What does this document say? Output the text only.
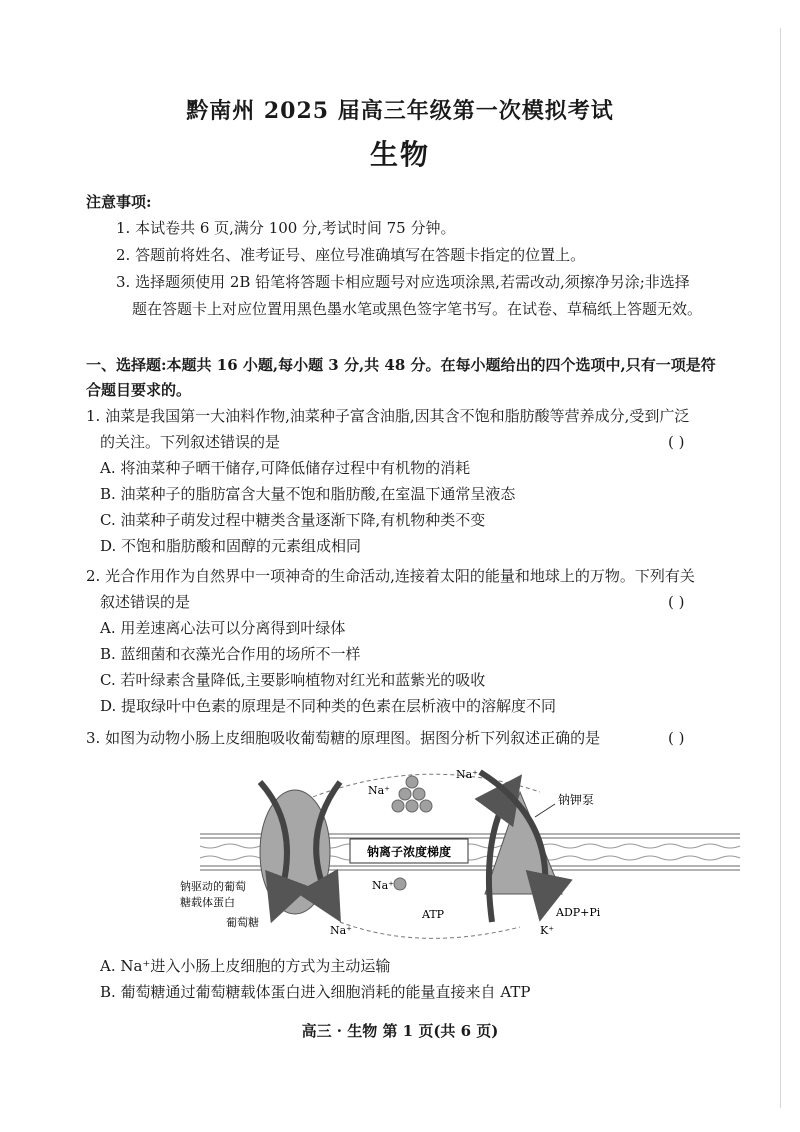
黔南州 2025 届高三年级第一次模拟考试
生物
注意事项:
1. 本试卷共 6 页,满分 100 分,考试时间 75 分钟。
2. 答题前将姓名、准考证号、座位号准确填写在答题卡指定的位置上。
3. 选择题须使用 2B 铅笔将答题卡相应题号对应选项涂黑,若需改动,须擦净另涂;非选择
题在答题卡上对应位置用黑色墨水笔或黑色签字笔书写。在试卷、草稿纸上答题无效。
一、选择题:本题共 16 小题,每小题 3 分,共 48 分。在每小题给出的四个选项中,只有一项是符
合题目要求的。
1. 油菜是我国第一大油料作物,油菜种子富含油脂,因其含不饱和脂肪酸等营养成分,受到广泛
的关注。下列叙述错误的是	( )
A. 将油菜种子晒干储存,可降低储存过程中有机物的消耗
B. 油菜种子的脂肪富含大量不饱和脂肪酸,在室温下通常呈液态
C. 油菜种子萌发过程中糖类含量逐渐下降,有机物种类不变
D. 不饱和脂肪酸和固醇的元素组成相同
2. 光合作用作为自然界中一项神奇的生命活动,连接着太阳的能量和地球上的万物。下列有关
叙述错误的是	( )
A. 用差速离心法可以分离得到叶绿体
B. 蓝细菌和衣藻光合作用的场所不一样
C. 若叶绿素含量降低,主要影响植物对红光和蓝紫光的吸收
D. 提取绿叶中色素的原理是不同种类的色素在层析液中的溶解度不同
3. 如图为动物小肠上皮细胞吸收葡萄糖的原理图。据图分析下列叙述正确的是	( )
钠离子浓度梯度
Na⁺
Na⁺
钠钾泵
Na⁺
钠驱动的葡萄
糖载体蛋白
葡萄糖
Na⁺
ATP	ADP+Pi
K⁺
A. Na⁺进入小肠上皮细胞的方式为主动运输
B. 葡萄糖通过葡萄糖载体蛋白进入细胞消耗的能量直接来自 ATP
高三 · 生物 第 1 页(共 6 页)
